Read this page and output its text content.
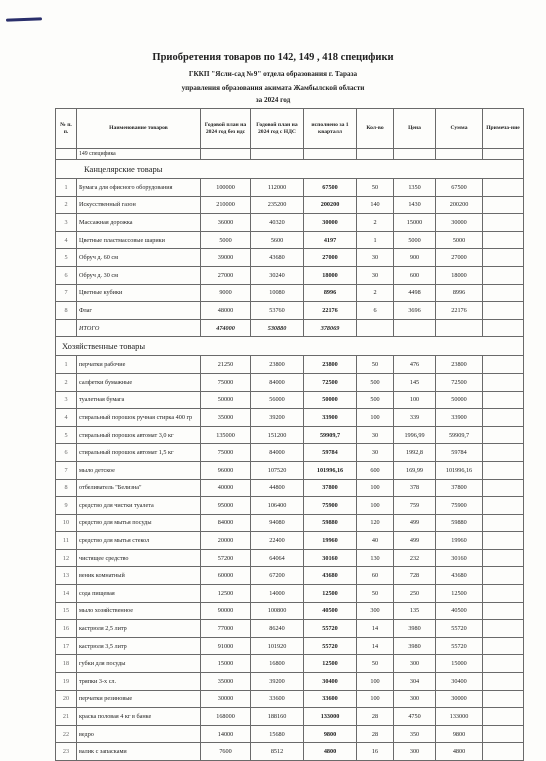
Приобретения товаров по 142, 149 , 418 специфики
ГККП "Ясли-сад №9" отдела образования г. Тараза
управления образования акимата Жамбылской области
за 2024 год
№ п. п.	Наименование товаров	Годовой план на 2024 год без ндс	Годовой план на 2024 год с НДС	исполнено за 1 кварталл	Кол-во	Цена	Сумма	Примеча-ние
	149 специфика							
Канцелярские товары								
1	Бумага для офисного оборудования	100000	112000	67500	50	1350	67500	
2	Искусственный газон	210000	235200	200200	140	1430	200200	
3	Массажная дорожка	36000	40320	30000	2	15000	30000	
4	Цветные пластмассовые шарики	5000	5600	4197	1	5000	5000	
5	Обруч д. 60 см	39000	43680	27000	30	900	27000	
6	Обруч д. 30 см	27000	30240	18000	30	600	18000	
7	Цветные кубики	9000	10080	8996	2	4498	8996	
8	Флаг	48000	53760	22176	6	3696	22176	
	ИТОГО	474000	530880	378069				
Хозяйственные товары								
1	перчатки рабочие	21250	23800	23800	50	476	23800	
2	салфетки бумажные	75000	84000	72500	500	145	72500	
3	туалетная бумага	50000	56000	50000	500	100	50000	
4	стиральный порошок ручная стирка 400 гр	35000	39200	33900	100	339	33900	
5	стиральный порошок автомат 3,0 кг	135000	151200	59909,7	30	1996,99	59909,7	
6	стиральный порошок автомат 1,5 кг	75000	84000	59784	30	1992,8	59784	
7	мыло детское	96000	107520	101996,16	600	169,99	101996,16	
8	отбеливатель "Белизна"	40000	44800	37800	100	378	37800	
9	средство для чистки туалета	95000	106400	75900	100	759	75900	
10	средство для мытья посуды	84000	94080	59880	120	499	59880	
11	средство для мытья стекол	20000	22400	19960	40	499	19960	
12	чистящее средство	57200	64064	30160	130	232	30160	
13	веник комнатный	60000	67200	43680	60	728	43680	
14	сода пищевая	12500	14000	12500	50	250	12500	
15	мыло хозяйственное	90000	100800	40500	300	135	40500	
16	кастрюля 2,5 литр	77000	86240	55720	14	3980	55720	
17	кастрюля 3,5 литр	91000	101920	55720	14	3980	55720	
18	губки для посуды	15000	16800	12500	50	300	15000	
19	тряпки 3-х сл.	35000	39200	30400	100	304	30400	
20	перчатки резиновые	30000	33600	33600	100	300	30000	
21	краска половая 4 кг в банке	168000	188160	133000	28	4750	133000	
22	ведро	14000	15680	9800	28	350	9800	
23	валик с запасками	7600	8512	4800	16	300	4800	
